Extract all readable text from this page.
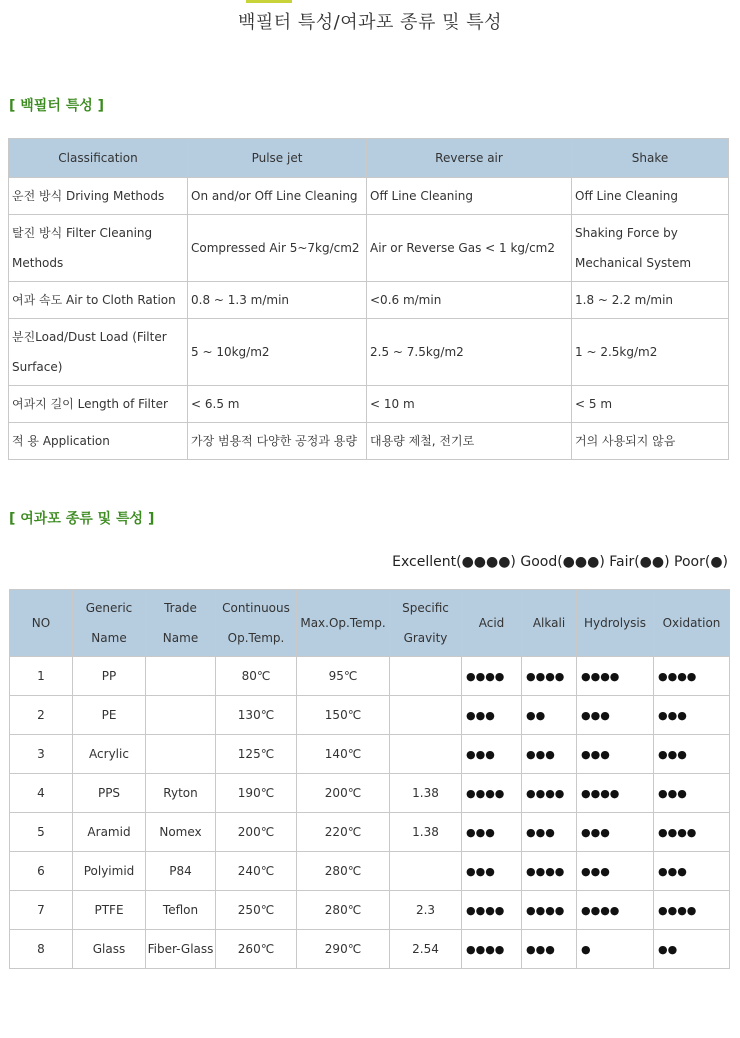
백필터 특성/여과포 종류 및 특성
[ 백필터 특성 ]
Classification	Pulse jet	Reverse air	Shake
운전 방식 Driving Methods	On and/or Off Line Cleaning	Off Line Cleaning	Off Line Cleaning
탈진 방식 Filter Cleaning Methods	Compressed Air 5~7kg/cm2	Air or Reverse Gas < 1 kg/cm2	Shaking Force by Mechanical System
여과 속도 Air to Cloth Ration	0.8 ~ 1.3 m/min	<0.6 m/min	1.8 ~ 2.2 m/min
분진Load/Dust Load (Filter Surface)	5 ~ 10kg/m2	2.5 ~ 7.5kg/m2	1 ~ 2.5kg/m2
여과지 길이 Length of Filter	< 6.5 m	< 10 m	< 5 m
적 용 Application	가장 범용적 다양한 공정과 용량	대용량 제철, 전기로	거의 사용되지 않음
[ 여과포 종류 및 특성 ]
Excellent(●●●●) Good(●●●) Fair(●●) Poor(●)
NO	Generic Name	Trade Name	Continuous Op.Temp.	Max.Op.Temp.	Specific Gravity	Acid	Alkali	Hydrolysis	Oxidation
1	PP		80℃	95℃		●●●●	●●●●	●●●●	●●●●
2	PE		130℃	150℃		●●●	●●	●●●	●●●
3	Acrylic		125℃	140℃		●●●	●●●	●●●	●●●
4	PPS	Ryton	190℃	200℃	1.38	●●●●	●●●●	●●●●	●●●
5	Aramid	Nomex	200℃	220℃	1.38	●●●	●●●	●●●	●●●●
6	Polyimid	P84	240℃	280℃		●●●	●●●●	●●●	●●●
7	PTFE	Teflon	250℃	280℃	2.3	●●●●	●●●●	●●●●	●●●●
8	Glass	Fiber-Glass	260℃	290℃	2.54	●●●●	●●●	●	●●
